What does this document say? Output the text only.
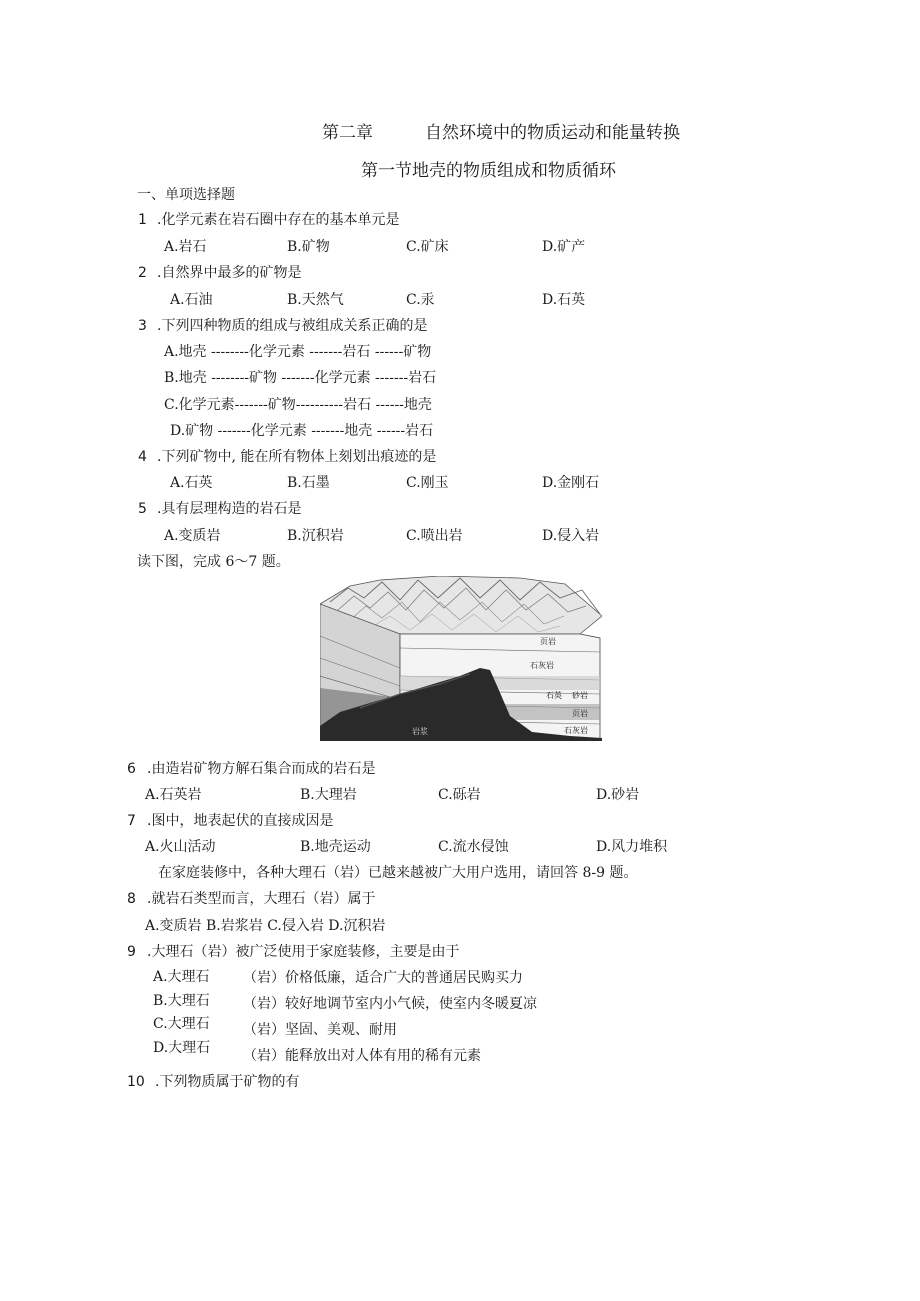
第二章	自然环境中的物质运动和能量转换
第一节地壳的物质组成和物质循环
一、单项选择题
1 .化学元素在岩石圈中存在的基本单元是
A.岩石	B.矿物	C.矿床	D.矿产
2 .自然界中最多的矿物是
A.石油	B.天然气	C.汞	D.石英
3 .下列四种物质的组成与被组成关系正确的是
A.地壳 --------化学元素 -------岩石 ------矿物
B.地壳 --------矿物 -------化学元素 -------岩石
C.化学元素-------矿物----------岩石 ------地壳
D.矿物 -------化学元素 -------地壳 ------岩石
4 .下列矿物中, 能在所有物体上刻划出痕迹的是
A.石英	B.石墨	C.刚玉	D.金刚石
5 .具有层理构造的岩石是
A.变质岩	B.沉积岩	C.喷出岩	D.侵入岩
读下图，完成 6〜7 题。
页岩
石灰岩
石英 砂岩
页岩
石灰岩
岩浆
6 .由造岩矿物方解石集合而成的岩石是
A.石英岩	B.大理岩	C.砾岩	D.砂岩
7 .图中，地表起伏的直接成因是
A.火山活动	B.地壳运动	C.流水侵蚀	D.风力堆积
在家庭装修中，各种大理石（岩）已越来越被广大用户选用，请回答 8-9 题。
8 .就岩石类型而言，大理石（岩）属于
A.变质岩 B.岩浆岩 C.侵入岩 D.沉积岩
9 .大理石（岩）被广泛使用于家庭装修，主要是由于
A.大理石 （岩）价格低廉，适合广大的普通居民购买力
B.大理石 （岩）较好地调节室内小气候，使室内冬暖夏凉
C.大理石 （岩）坚固、美观、耐用
D.大理石 （岩）能释放出对人体有用的稀有元素
10 .下列物质属于矿物的有
